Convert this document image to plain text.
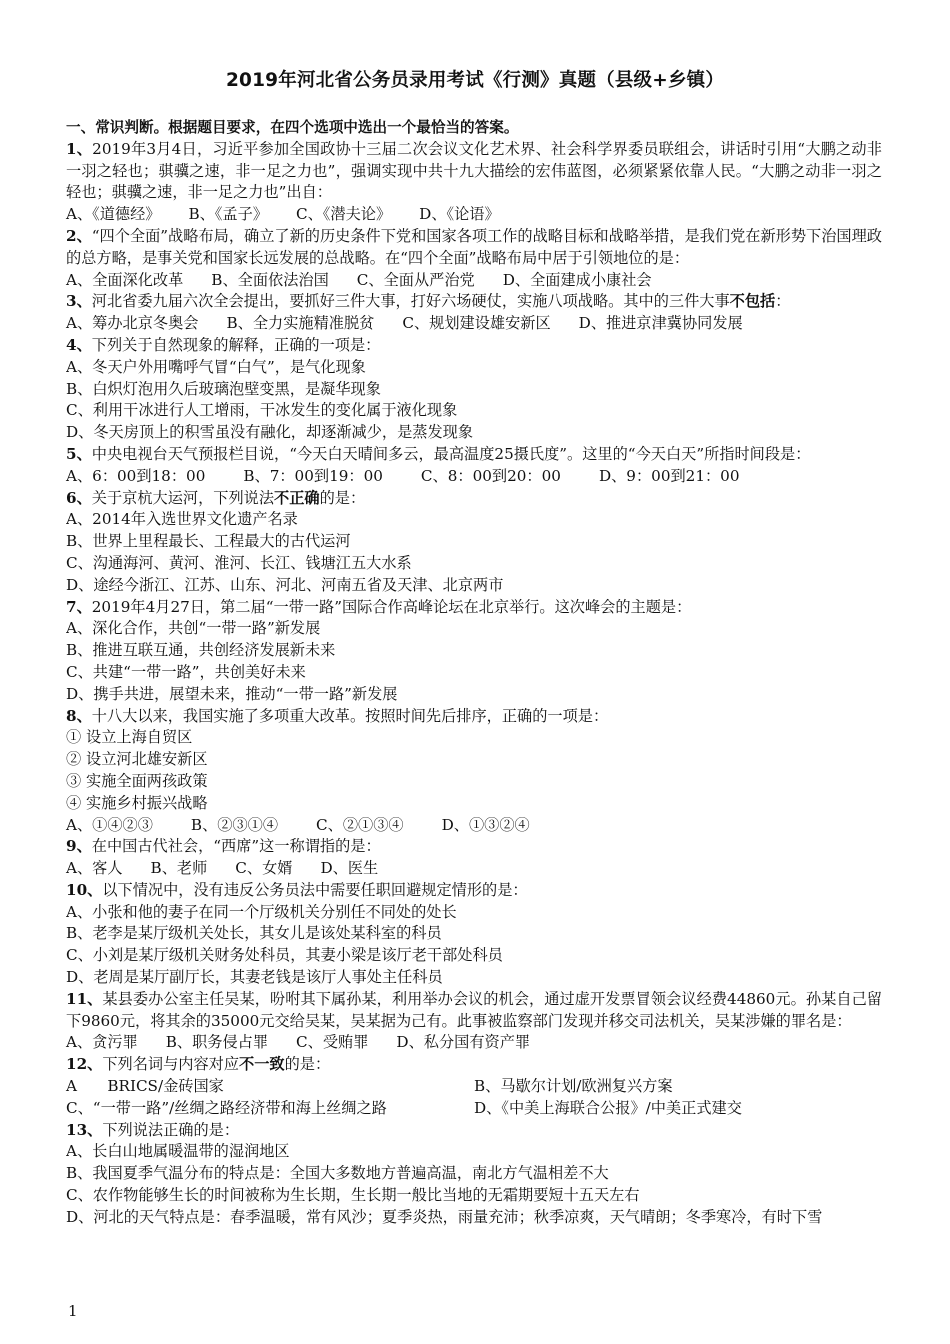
2019年河北省公务员录用考试《行测》真题（县级+乡镇）
一、常识判断。根据题目要求，在四个选项中选出一个最恰当的答案。
1、2019年3月4日，习近平参加全国政协十三届二次会议文化艺术界、社会科学界委员联组会，讲话时引用“大鹏之动非一羽之轻也；骐骥之速，非一足之力也”，强调实现中共十九大描绘的宏伟蓝图，必须紧紧依靠人民。“大鹏之动非一羽之轻也；骐骥之速，非一足之力也”出自：
A、《道德经》 B、《孟子》 C、《潜夫论》 D、《论语》
2、“四个全面”战略布局，确立了新的历史条件下党和国家各项工作的战略目标和战略举措，是我们党在新形势下治国理政的总方略，是事关党和国家长远发展的总战略。在“四个全面”战略布局中居于引领地位的是：
A、全面深化改革 B、全面依法治国 C、全面从严治党 D、全面建成小康社会
3、河北省委九届六次全会提出，要抓好三件大事，打好六场硬仗，实施八项战略。其中的三件大事不包括：
A、筹办北京冬奥会 B、全力实施精准脱贫 C、规划建设雄安新区 D、推进京津冀协同发展
4、下列关于自然现象的解释，正确的一项是：
A、冬天户外用嘴呼气冒“白气”，是气化现象
B、白炽灯泡用久后玻璃泡壁变黑，是凝华现象
C、利用干冰进行人工增雨，干冰发生的变化属于液化现象
D、冬天房顶上的积雪虽没有融化，却逐渐减少，是蒸发现象
5、中央电视台天气预报栏目说，“今天白天晴间多云，最高温度25摄氏度”。这里的“今天白天”所指时间段是：
A、6：00到18：00	B、7：00到19：00	C、8：00到20：00	D、9：00到21：00
6、关于京杭大运河，下列说法不正确的是：
A、2014年入选世界文化遗产名录
B、世界上里程最长、工程最大的古代运河
C、沟通海河、黄河、淮河、长江、钱塘江五大水系
D、途经今浙江、江苏、山东、河北、河南五省及天津、北京两市
7、2019年4月27日，第二届“一带一路”国际合作高峰论坛在北京举行。这次峰会的主题是：
A、深化合作，共创“一带一路”新发展
B、推进互联互通，共创经济发展新未来
C、共建“一带一路”，共创美好未来
D、携手共进，展望未来，推动“一带一路”新发展
8、十八大以来，我国实施了多项重大改革。按照时间先后排序，正确的一项是：
① 设立上海自贸区
② 设立河北雄安新区
③ 实施全面两孩政策
④ 实施乡村振兴战略
A、①④②③	B、②③①④	C、②①③④	D、①③②④
9、在中国古代社会，“西席”这一称谓指的是：
A、客人 B、老师 C、女婿 D、医生
10、以下情况中，没有违反公务员法中需要任职回避规定情形的是：
A、小张和他的妻子在同一个厅级机关分别任不同处的处长
B、老李是某厅级机关处长，其女儿是该处某科室的科员
C、小刘是某厅级机关财务处科员，其妻小梁是该厅老干部处科员
D、老周是某厅副厅长，其妻老钱是该厅人事处主任科员
11、某县委办公室主任吴某，吩咐其下属孙某，利用举办会议的机会，通过虚开发票冒领会议经费44860元。孙某自己留下9860元，将其余的35000元交给吴某，吴某据为己有。此事被监察部门发现并移交司法机关，吴某涉嫌的罪名是：
A、贪污罪 B、职务侵占罪 C、受贿罪 D、私分国有资产罪
12、下列名词与内容对应不一致的是：
A　　BRICS/金砖国家	B、马歇尔计划/欧洲复兴方案
C、“一带一路”/丝绸之路经济带和海上丝绸之路	D、《中美上海联合公报》/中美正式建交
13、下列说法正确的是：
A、长白山地属暖温带的湿润地区
B、我国夏季气温分布的特点是：全国大多数地方普遍高温，南北方气温相差不大
C、农作物能够生长的时间被称为生长期，生长期一般比当地的无霜期要短十五天左右
D、河北的天气特点是：春季温暖，常有风沙；夏季炎热，雨量充沛；秋季凉爽，天气晴朗；冬季寒冷，有时下雪
1
